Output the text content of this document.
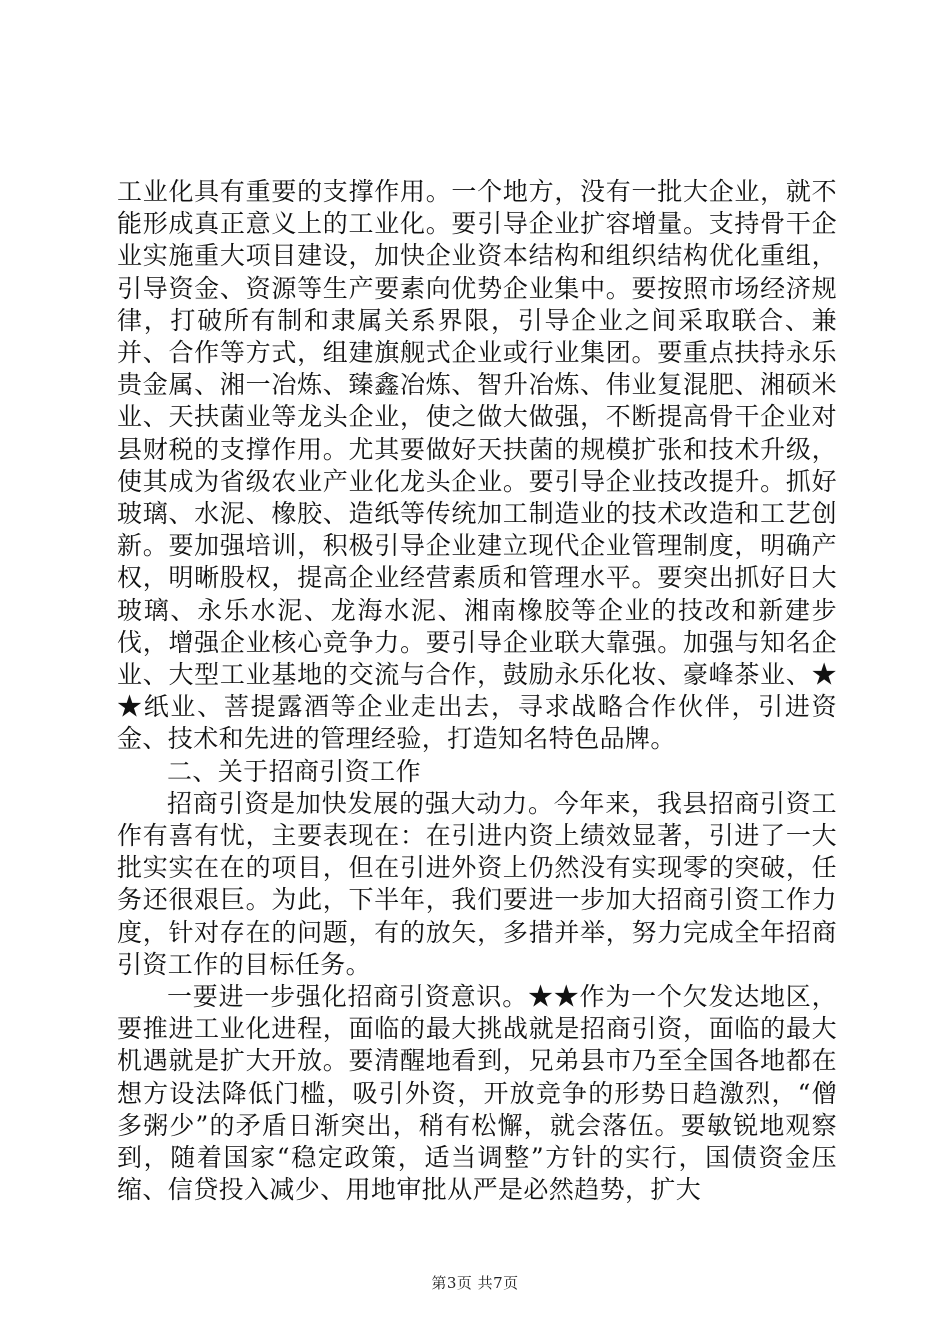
工业化具有重要的支撑作用。一个地方，没有一批大企业，就不能形成真正意义上的工业化。要引导企业扩容增量。支持骨干企业实施重大项目建设，加快企业资本结构和组织结构优化重组，引导资金、资源等生产要素向优势企业集中。要按照市场经济规律，打破所有制和隶属关系界限，引导企业之间采取联合、兼并、合作等方式，组建旗舰式企业或行业集团。要重点扶持永乐贵金属、湘一冶炼、臻鑫冶炼、智升冶炼、伟业复混肥、湘硕米业、天扶菌业等龙头企业，使之做大做强，不断提高骨干企业对县财税的支撑作用。尤其要做好天扶菌的规模扩张和技术升级，使其成为省级农业产业化龙头企业。要引导企业技改提升。抓好玻璃、水泥、橡胶、造纸等传统加工制造业的技术改造和工艺创新。要加强培训，积极引导企业建立现代企业管理制度，明确产权，明晰股权，提高企业经营素质和管理水平。要突出抓好日大玻璃、永乐水泥、龙海水泥、湘南橡胶等企业的技改和新建步伐，增强企业核心竞争力。要引导企业联大靠强。加强与知名企业、大型工业基地的交流与合作，鼓励永乐化妆、豪峰茶业、★★纸业、菩提露酒等企业走出去，寻求战略合作伙伴，引进资金、技术和先进的管理经验，打造知名特色品牌。

二、关于招商引资工作

招商引资是加快发展的强大动力。今年来，我县招商引资工作有喜有忧，主要表现在：在引进内资上绩效显著，引进了一大批实实在在的项目，但在引进外资上仍然没有实现零的突破，任务还很艰巨。为此，下半年，我们要进一步加大招商引资工作力度，针对存在的问题，有的放矢，多措并举，努力完成全年招商引资工作的目标任务。

一要进一步强化招商引资意识。★★作为一个欠发达地区，要推进工业化进程，面临的最大挑战就是招商引资，面临的最大机遇就是扩大开放。要清醒地看到，兄弟县市乃至全国各地都在想方设法降低门槛，吸引外资，开放竞争的形势日趋激烈，“僧多粥少”的矛盾日渐突出，稍有松懈，就会落伍。要敏锐地观察到，随着国家“稳定政策，适当调整”方针的实行，国债资金压缩、信贷投入减少、用地审批从严是必然趋势，扩大

第3页 共7页
